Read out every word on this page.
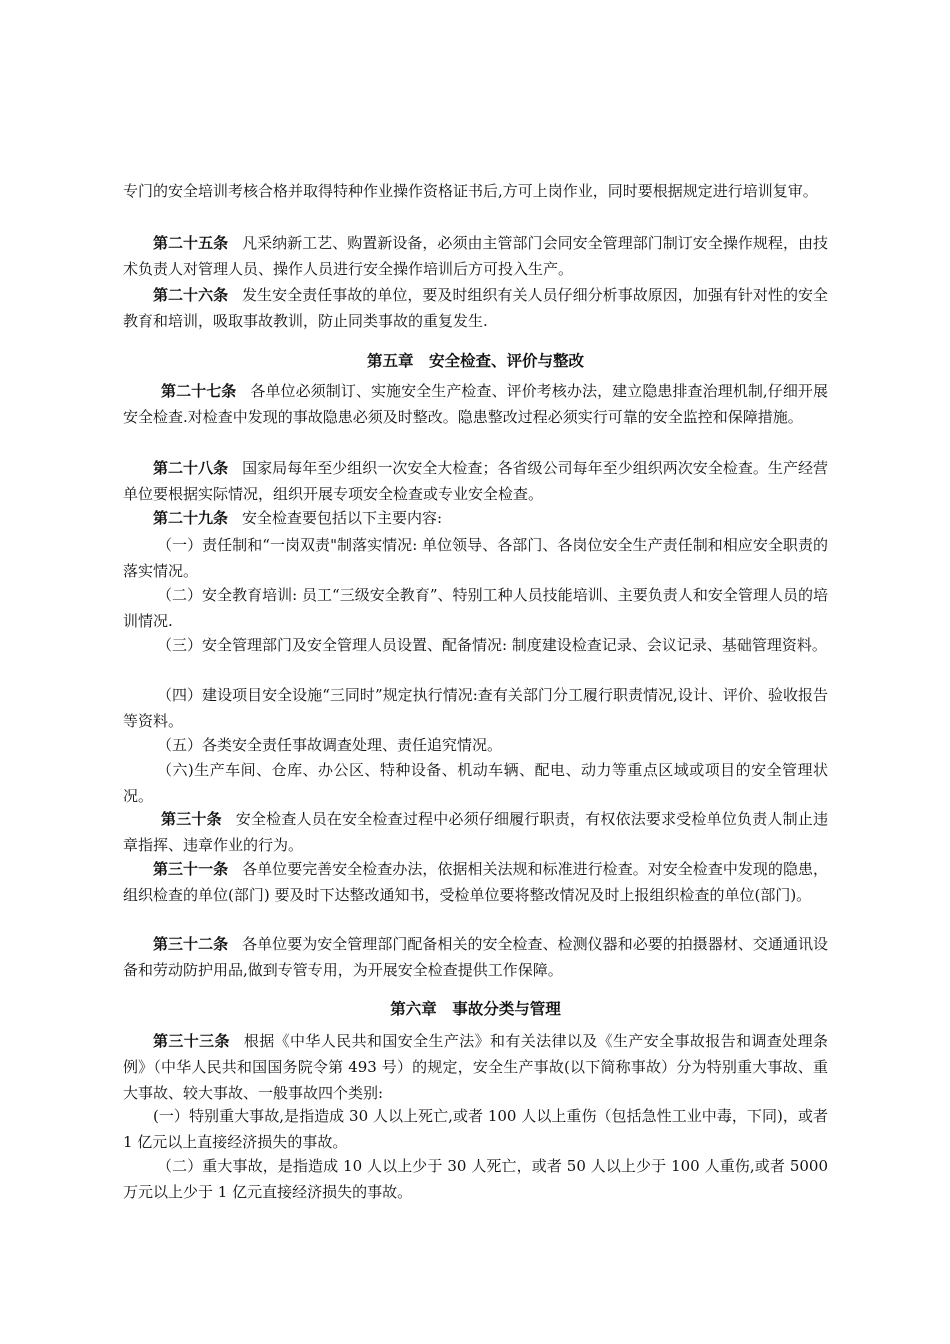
专门的安全培训考核合格并取得特种作业操作资格证书后,方可上岗作业，同时要根据规定进行培训复审。

第二十五条 凡采纳新工艺、购置新设备，必须由主管部门会同安全管理部门制订安全操作规程，由技术负责人对管理人员、操作人员进行安全操作培训后方可投入生产。

第二十六条 发生安全责任事故的单位，要及时组织有关人员仔细分析事故原因，加强有针对性的安全教育和培训，吸取事故教训，防止同类事故的重复发生.

第五章　安全检查、评价与整改

第二十七条 各单位必须制订、实施安全生产检查、评价考核办法，建立隐患排查治理机制,仔细开展安全检查.对检查中发现的事故隐患必须及时整改。隐患整改过程必须实行可靠的安全监控和保障措施。

第二十八条 国家局每年至少组织一次安全大检查；各省级公司每年至少组织两次安全检查。生产经营单位要根据实际情况，组织开展专项安全检查或专业安全检查。

第二十九条 安全检查要包括以下主要内容:

（一）责任制和“一岗双责"制落实情况: 单位领导、各部门、各岗位安全生产责任制和相应安全职责的落实情况。

（二）安全教育培训: 员工“三级安全教育”、特别工种人员技能培训、主要负责人和安全管理人员的培训情况.

（三）安全管理部门及安全管理人员设置、配备情况: 制度建设检查记录、会议记录、基础管理资料。

（四）建设项目安全设施“三同时”规定执行情况:查有关部门分工履行职责情况,设计、评价、验收报告等资料。

（五）各类安全责任事故调查处理、责任追究情况。

（六)生产车间、仓库、办公区、特种设备、机动车辆、配电、动力等重点区域或项目的安全管理状况。

第三十条 安全检查人员在安全检查过程中必须仔细履行职责，有权依法要求受检单位负责人制止违章指挥、违章作业的行为。

第三十一条 各单位要完善安全检查办法，依据相关法规和标准进行检查。对安全检查中发现的隐患，组织检查的单位(部门) 要及时下达整改通知书，受检单位要将整改情况及时上报组织检查的单位(部门)。

第三十二条 各单位要为安全管理部门配备相关的安全检查、检测仪器和必要的拍摄器材、交通通讯设备和劳动防护用品,做到专管专用，为开展安全检查提供工作保障。

第六章　事故分类与管理

第三十三条 根据《中华人民共和国安全生产法》和有关法律以及《生产安全事故报告和调查处理条例》（中华人民共和国国务院令第 493 号）的规定，安全生产事故(以下简称事故）分为特别重大事故、重大事故、较大事故、一般事故四个类别:

(一）特别重大事故,是指造成 30 人以上死亡,或者 100 人以上重伤（包括急性工业中毒，下同)，或者 1 亿元以上直接经济损失的事故。

（二）重大事故，是指造成 10 人以上少于 30 人死亡，或者 50 人以上少于 100 人重伤,或者 5000 万元以上少于 1 亿元直接经济损失的事故。
